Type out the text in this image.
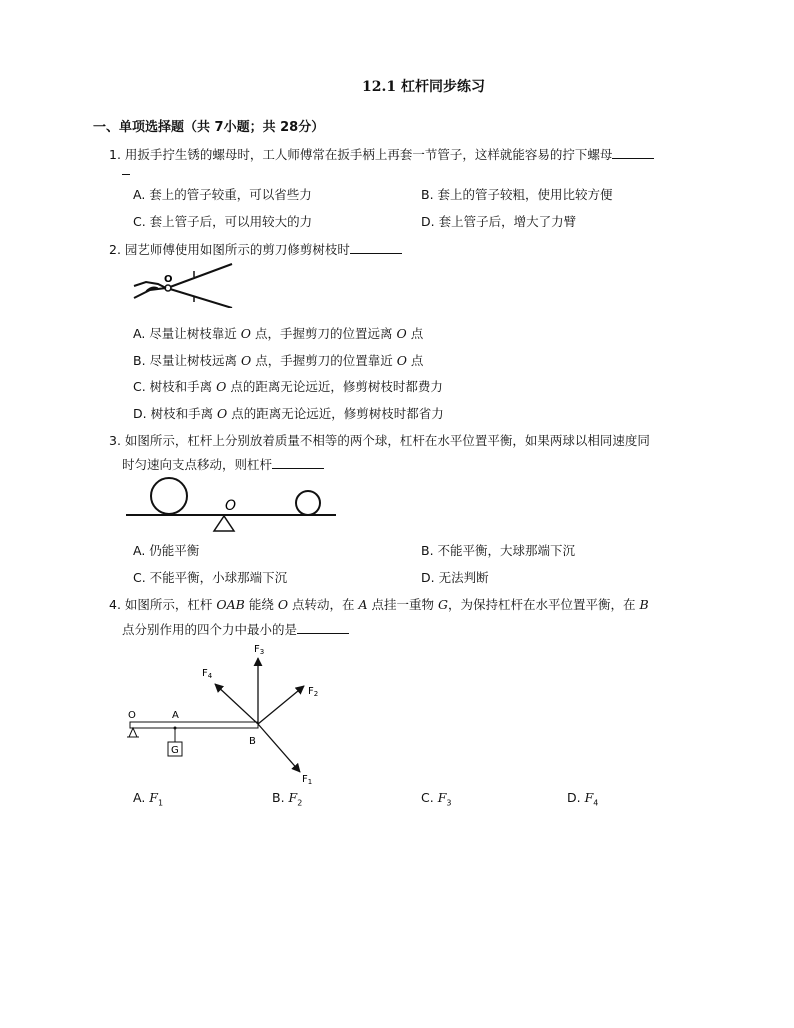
12.1 杠杆同步练习
一、单项选择题（共 7小题；共 28分）
1. 用扳手拧生锈的螺母时，工人师傅常在扳手柄上再套一节管子，这样就能容易的拧下螺母
A. 套上的管子较重，可以省些力	B. 套上的管子较粗，使用比较方便
C. 套上管子后，可以用较大的力	D. 套上管子后，增大了力臂
2. 园艺师傅使用如图所示的剪刀修剪树枝时
O
A. 尽量让树枝靠近 O 点，手握剪刀的位置远离 O 点
B. 尽量让树枝远离 O 点，手握剪刀的位置靠近 O 点
C. 树枝和手离 O 点的距离无论远近，修剪树枝时都费力
D. 树枝和手离 O 点的距离无论远近，修剪树枝时都省力
3. 如图所示，杠杆上分别放着质量不相等的两个球，杠杆在水平位置平衡，如果两球以相同速度同
时匀速向支点移动，则杠杆
O
A. 仍能平衡	B. 不能平衡，大球那端下沉
C. 不能平衡，小球那端下沉	D. 无法判断
4. 如图所示，杠杆 OAB 能绕 O 点转动，在 A 点挂一重物 G，为保持杠杆在水平位置平衡，在 B
点分别作用的四个力中最小的是
G
O	A
B
$F_3$
$F_2$
$F_4$
$F_1$
A. $F_1$	B. $F_2$	C. $F_3$	D. $F_4$
